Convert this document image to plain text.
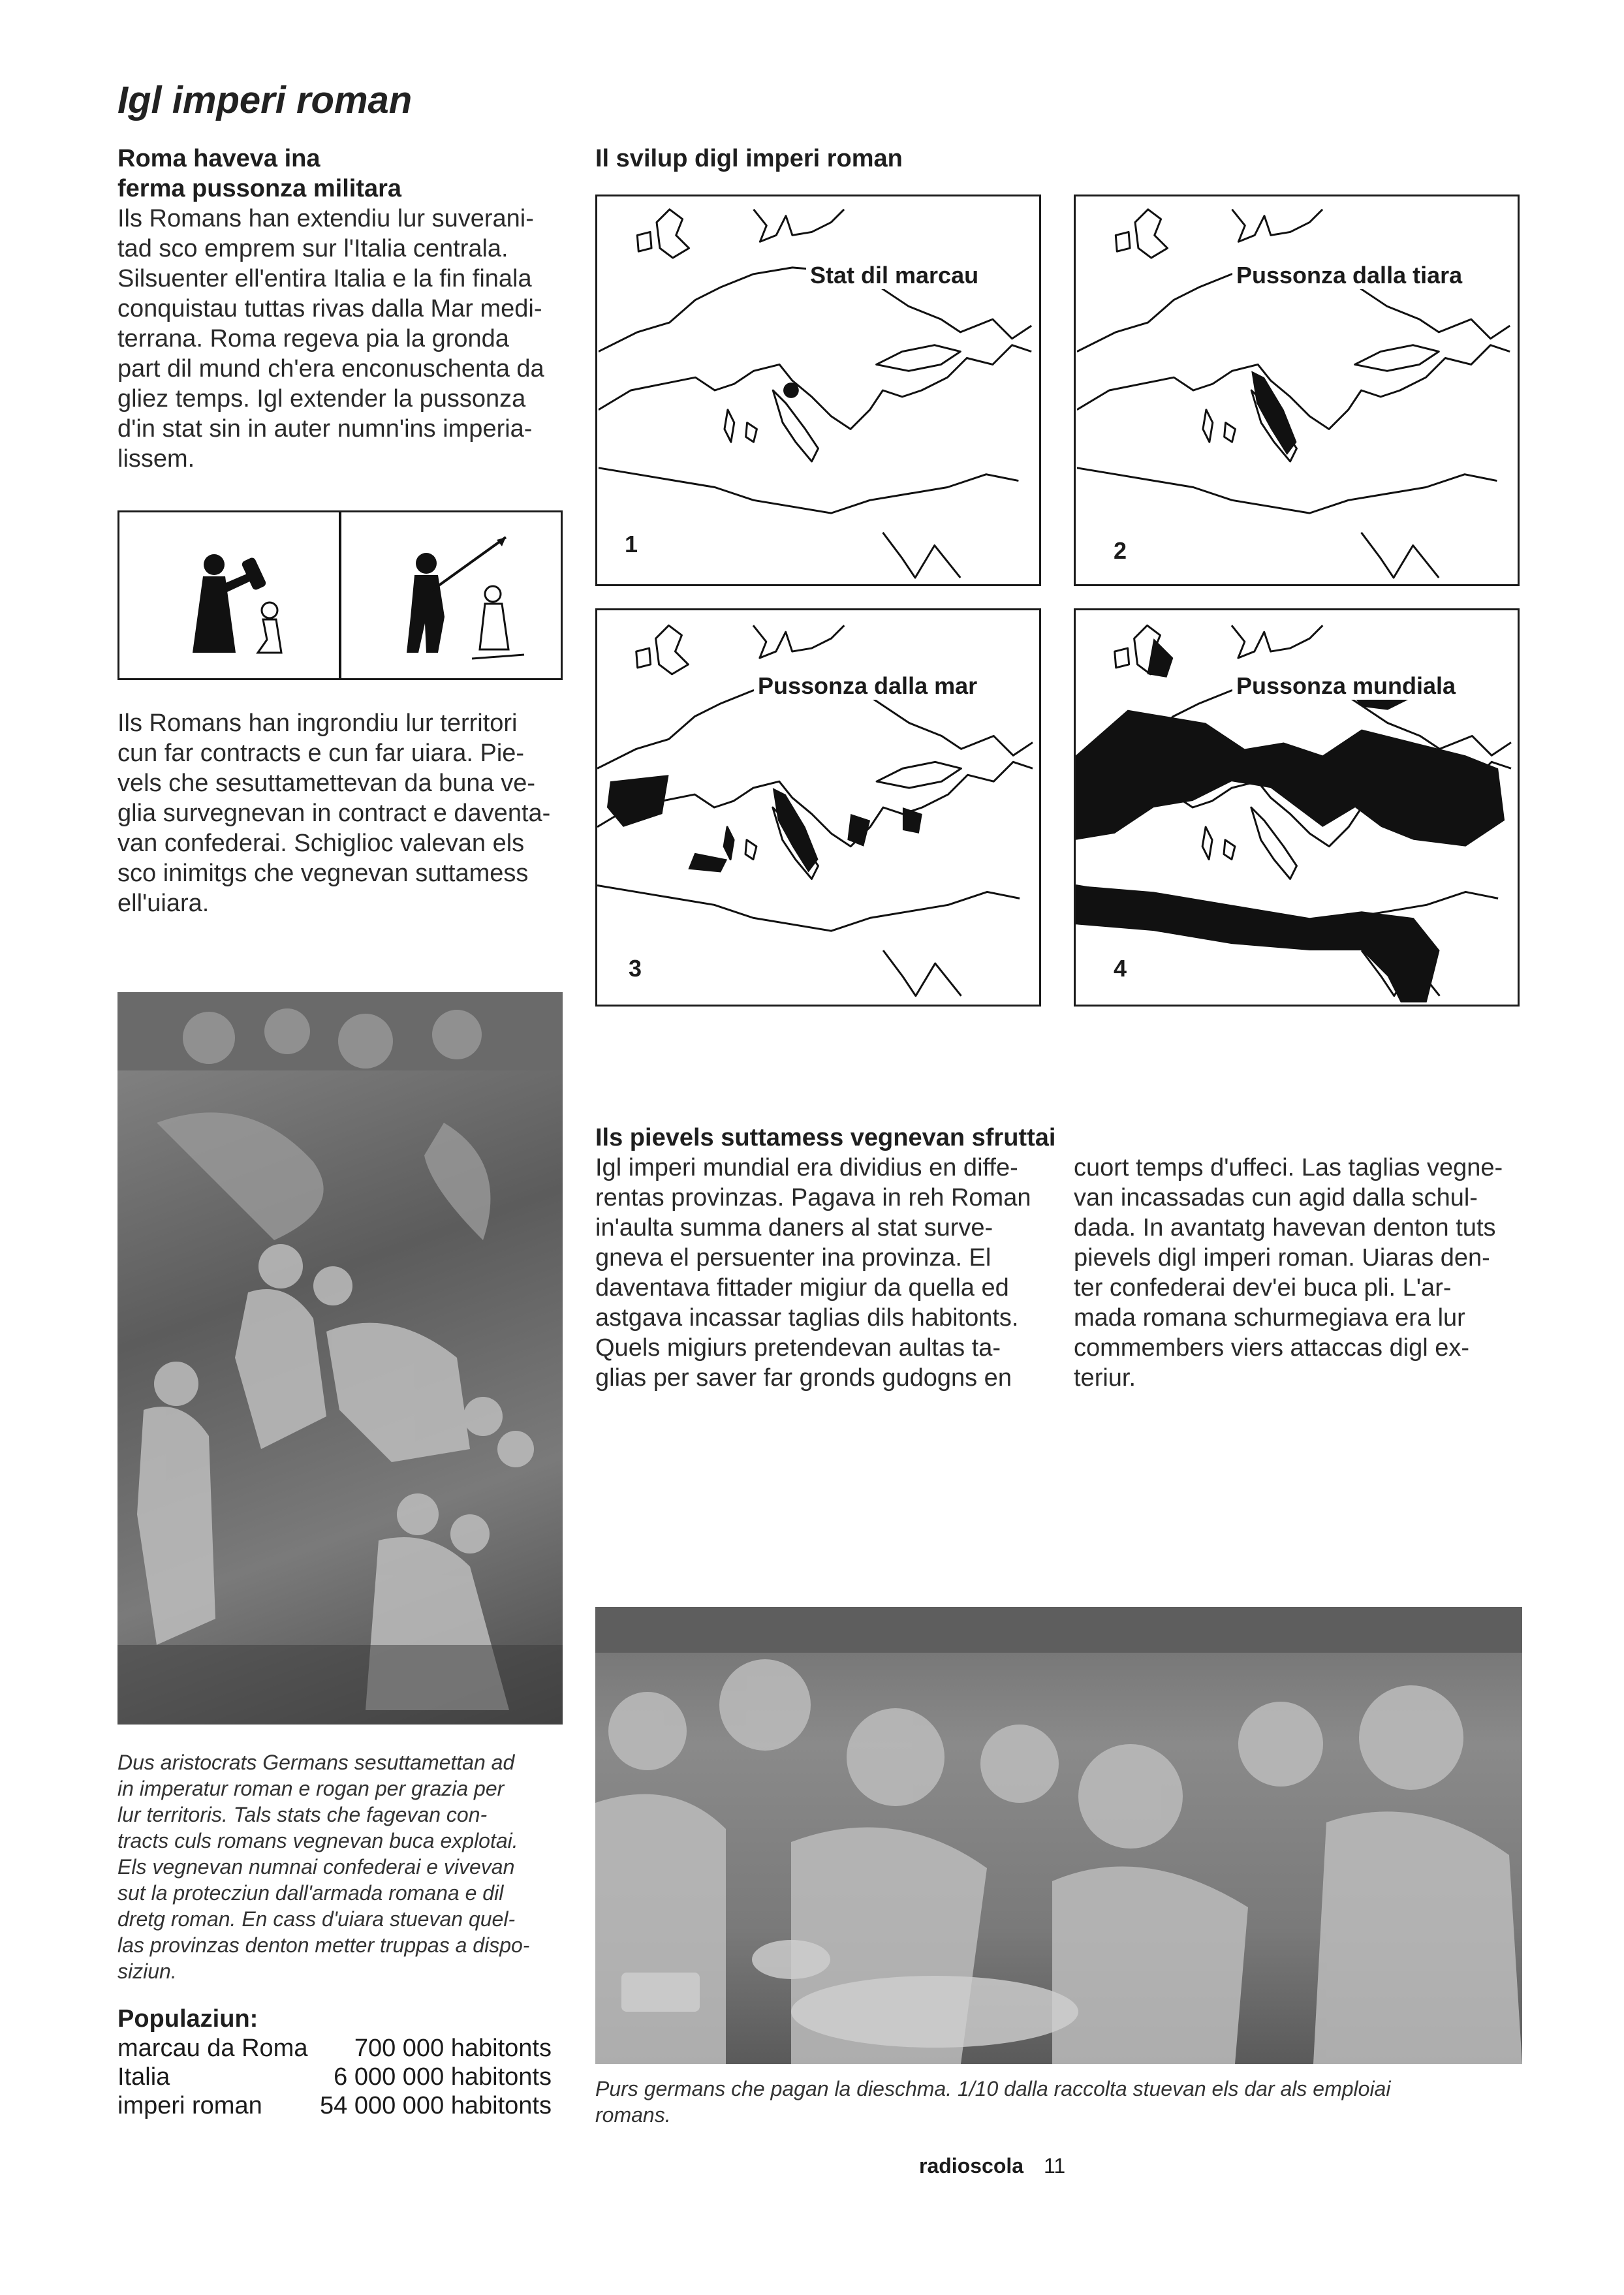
Igl imperi roman
Roma haveva ina
ferma pussonza militara
Ils Romans han extendiu lur suverani-
tad sco emprem sur l'Italia centrala.
Silsuenter ell'entira Italia e la fin finala
conquistau tuttas rivas dalla Mar medi-
terrana. Roma regeva pia la gronda
part dil mund ch'era enconuschenta da
gliez temps. Igl extender la pussonza
d'in stat sin in auter numn'ins imperia-
lissem.
Ils Romans han ingrondiu lur territori
cun far contracts e cun far uiara. Pie-
vels che sesuttamettevan da buna ve-
glia survegnevan in contract e daventa-
van confederai. Schiglioc valevan els
sco inimitgs che vegnevan suttamess
ell'uiara.
Il svilup digl imperi roman
Stat dil marcau
1
Pussonza dalla tiara
2
Pussonza dalla mar
3
Pussonza mundiala
4
Dus aristocrats Germans sesuttamettan ad
in imperatur roman e rogan per grazia per
lur territoris. Tals stats che fagevan con-
tracts culs romans vegnevan buca explotai.
Els vegnevan numnai confederai e vivevan
sut la protecziun dall'armada romana e dil
dretg roman. En cass d'uiara stuevan quel-
las provinzas denton metter truppas a dispo-
siziun.
Ils pievels suttamess vegnevan sfruttai
Igl imperi mundial era dividius en diffe-
rentas provinzas. Pagava in reh Roman
in'aulta summa daners al stat surve-
gneva el persuenter ina provinza. El
daventava fittader migiur da quella ed
astgava incassar taglias dils habitonts.
Quels migiurs pretendevan aultas ta-
glias per saver far gronds gudogns en
cuort temps d'uffeci. Las taglias vegne-
van incassadas cun agid dalla schul-
dada. In avantatg havevan denton tuts
pievels digl imperi roman. Uiaras den-
ter confederai dev'ei buca pli. L'ar-
mada romana schurmegiava era lur
commembers viers attaccas digl ex-
teriur.
Purs germans che pagan la dieschma. 1/10 dalla raccolta stuevan els dar als emploiai
romans.
Populaziun:
marcau da Roma 700 000 habitonts
Italia	6 000 000 habitonts
imperi roman 54 000 000 habitonts
radioscola 11
